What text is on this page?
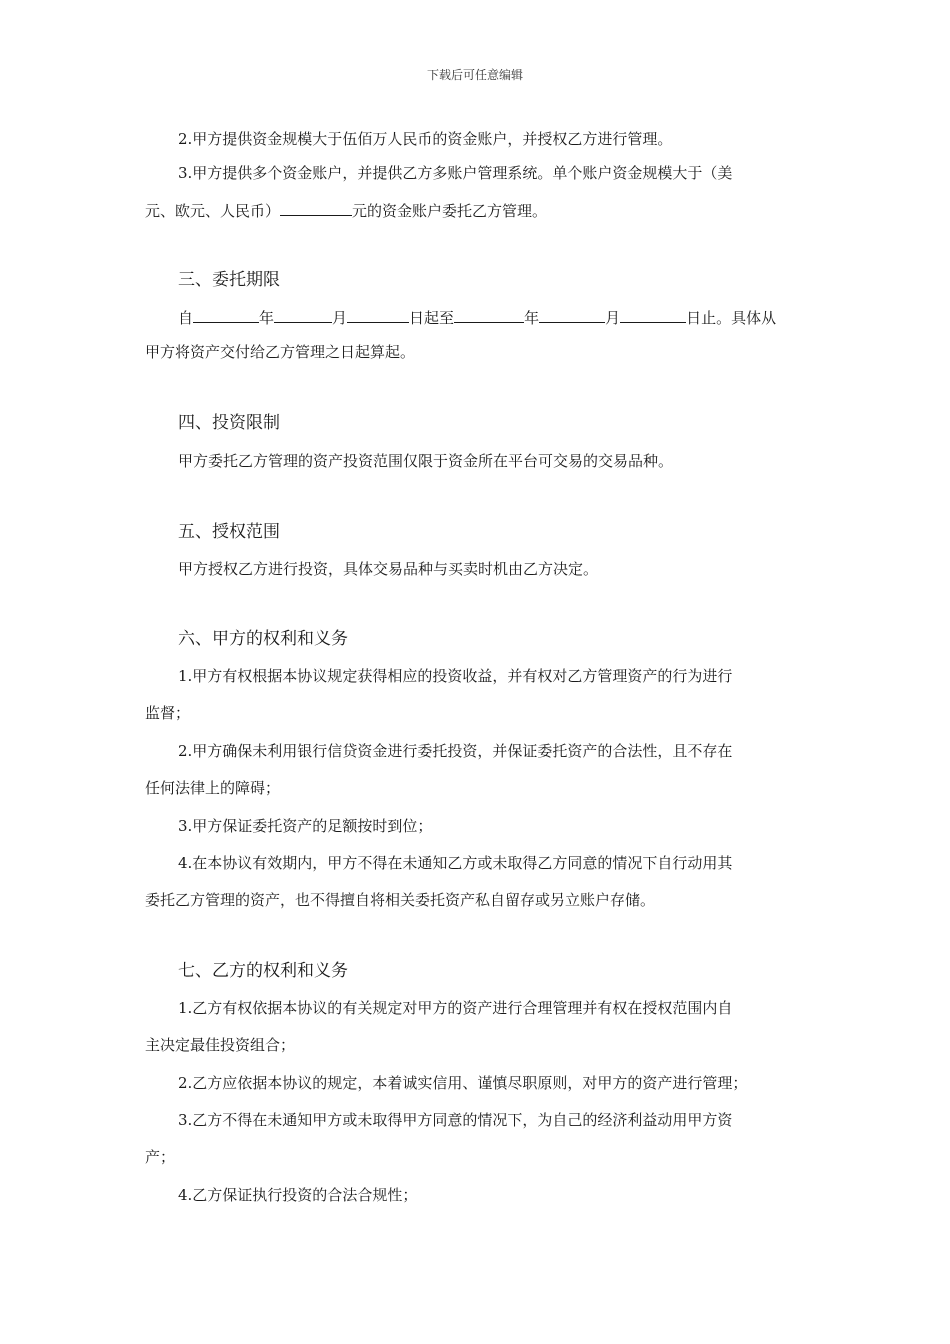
下载后可任意编辑
2.甲方提供资金规模大于伍佰万人民币的资金账户，并授权乙方进行管理。
3.甲方提供多个资金账户，并提供乙方多账户管理系统。单个账户资金规模大于（美
元、欧元、人民币）	元的资金账户委托乙方管理。
三、委托期限
自	年	月	日起至	年	月	日止。具体从
甲方将资产交付给乙方管理之日起算起。
四、投资限制
甲方委托乙方管理的资产投资范围仅限于资金所在平台可交易的交易品种。
五、授权范围
甲方授权乙方进行投资，具体交易品种与买卖时机由乙方决定。
六、甲方的权利和义务
1.甲方有权根据本协议规定获得相应的投资收益，并有权对乙方管理资产的行为进行
监督；
2.甲方确保未利用银行信贷资金进行委托投资，并保证委托资产的合法性，且不存在
任何法律上的障碍；
3.甲方保证委托资产的足额按时到位；
4.在本协议有效期内，甲方不得在未通知乙方或未取得乙方同意的情况下自行动用其
委托乙方管理的资产，也不得擅自将相关委托资产私自留存或另立账户存储。
七、乙方的权利和义务
1.乙方有权依据本协议的有关规定对甲方的资产进行合理管理并有权在授权范围内自
主决定最佳投资组合；
2.乙方应依据本协议的规定，本着诚实信用、谨慎尽职原则，对甲方的资产进行管理；
3.乙方不得在未通知甲方或未取得甲方同意的情况下，为自己的经济利益动用甲方资
产；
4.乙方保证执行投资的合法合规性；
